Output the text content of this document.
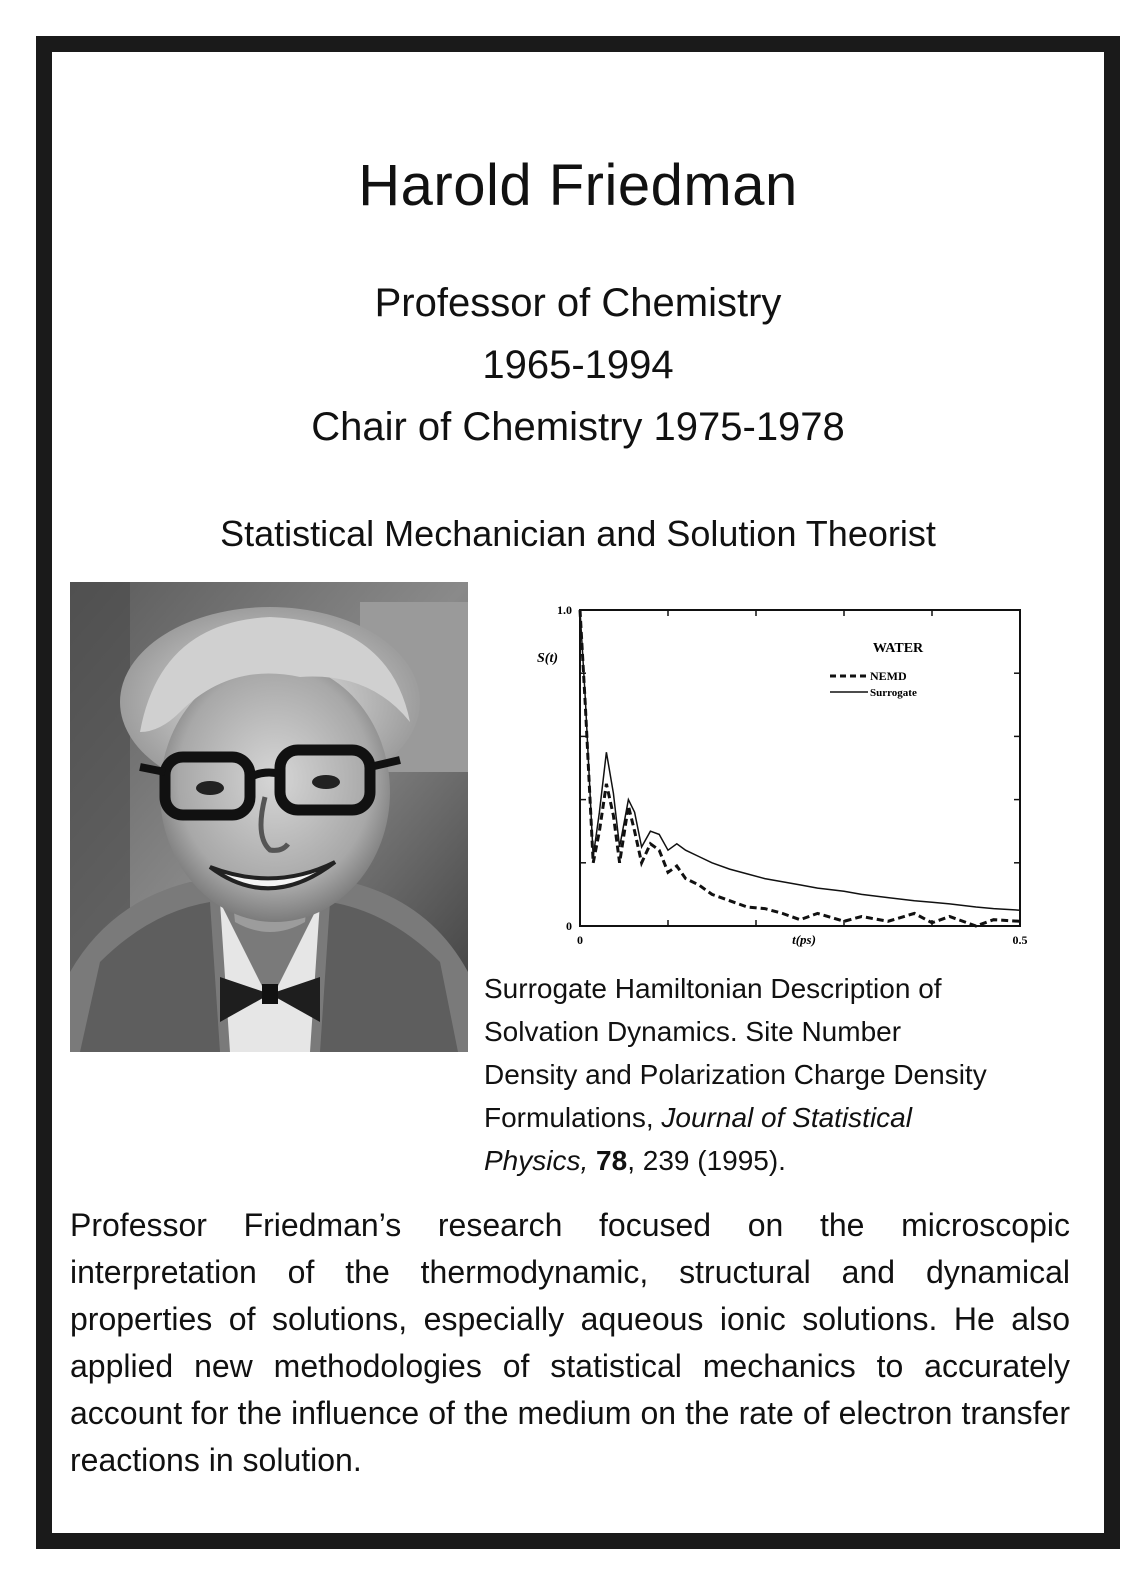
Harold Friedman
Professor of Chemistry
1965-1994
Chair of Chemistry 1975-1978
Statistical Mechanician and Solution Theorist
1.0
0
0	0.5
S(t)
t(ps)
WATER
NEMD
Surrogate
Surrogate Hamiltonian Description of
Solvation Dynamics. Site Number
Density and Polarization Charge Density
Formulations, Journal of Statistical
Physics, 78, 239 (1995).
Professor Friedman’s research focused on the microscopic interpretation of the thermodynamic, structural and dynamical properties of solutions, especially aqueous ionic solutions. He also applied new methodologies of statistical mechanics to accurately account for the influence of the medium on the rate of electron transfer reactions in solution.
